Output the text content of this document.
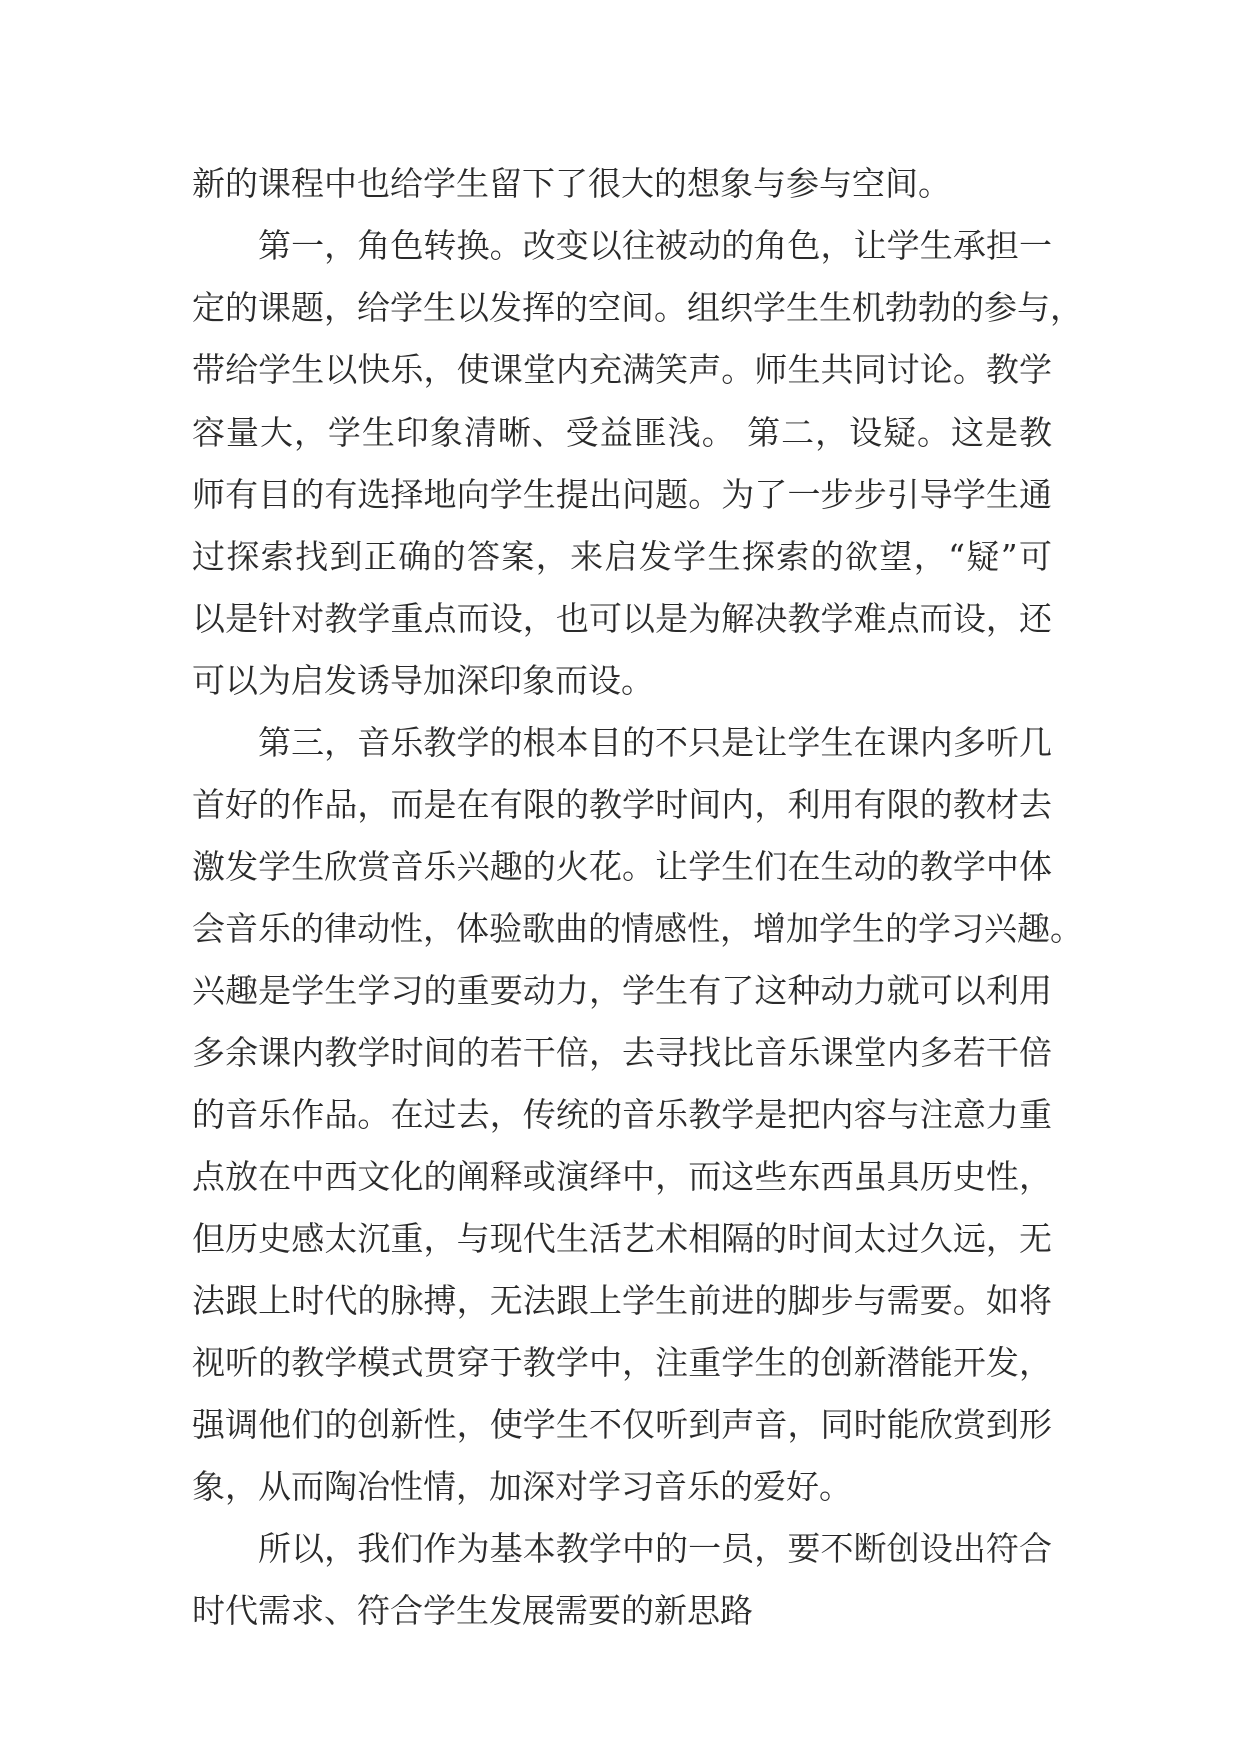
新的课程中也给学生留下了很大的想象与参与空间。
第一，角色转换。改变以往被动的角色，让学生承担一
定的课题，给学生以发挥的空间。组织学生生机勃勃的参与，
带给学生以快乐，使课堂内充满笑声。师生共同讨论。教学
容量大，学生印象清晰、受益匪浅。 第二，设疑。这是教
师有目的有选择地向学生提出问题。为了一步步引导学生通
过探索找到正确的答案，来启发学生探索的欲望，“疑”可
以是针对教学重点而设，也可以是为解决教学难点而设，还
可以为启发诱导加深印象而设。
第三，音乐教学的根本目的不只是让学生在课内多听几
首好的作品，而是在有限的教学时间内，利用有限的教材去
激发学生欣赏音乐兴趣的火花。让学生们在生动的教学中体
会音乐的律动性，体验歌曲的情感性，增加学生的学习兴趣。
兴趣是学生学习的重要动力，学生有了这种动力就可以利用
多余课内教学时间的若干倍，去寻找比音乐课堂内多若干倍
的音乐作品。在过去，传统的音乐教学是把内容与注意力重
点放在中西文化的阐释或演绎中，而这些东西虽具历史性，
但历史感太沉重，与现代生活艺术相隔的时间太过久远，无
法跟上时代的脉搏，无法跟上学生前进的脚步与需要。如将
视听的教学模式贯穿于教学中，注重学生的创新潜能开发，
强调他们的创新性，使学生不仅听到声音，同时能欣赏到形
象，从而陶冶性情，加深对学习音乐的爱好。
所以，我们作为基本教学中的一员，要不断创设出符合
时代需求、符合学生发展需要的新思路
